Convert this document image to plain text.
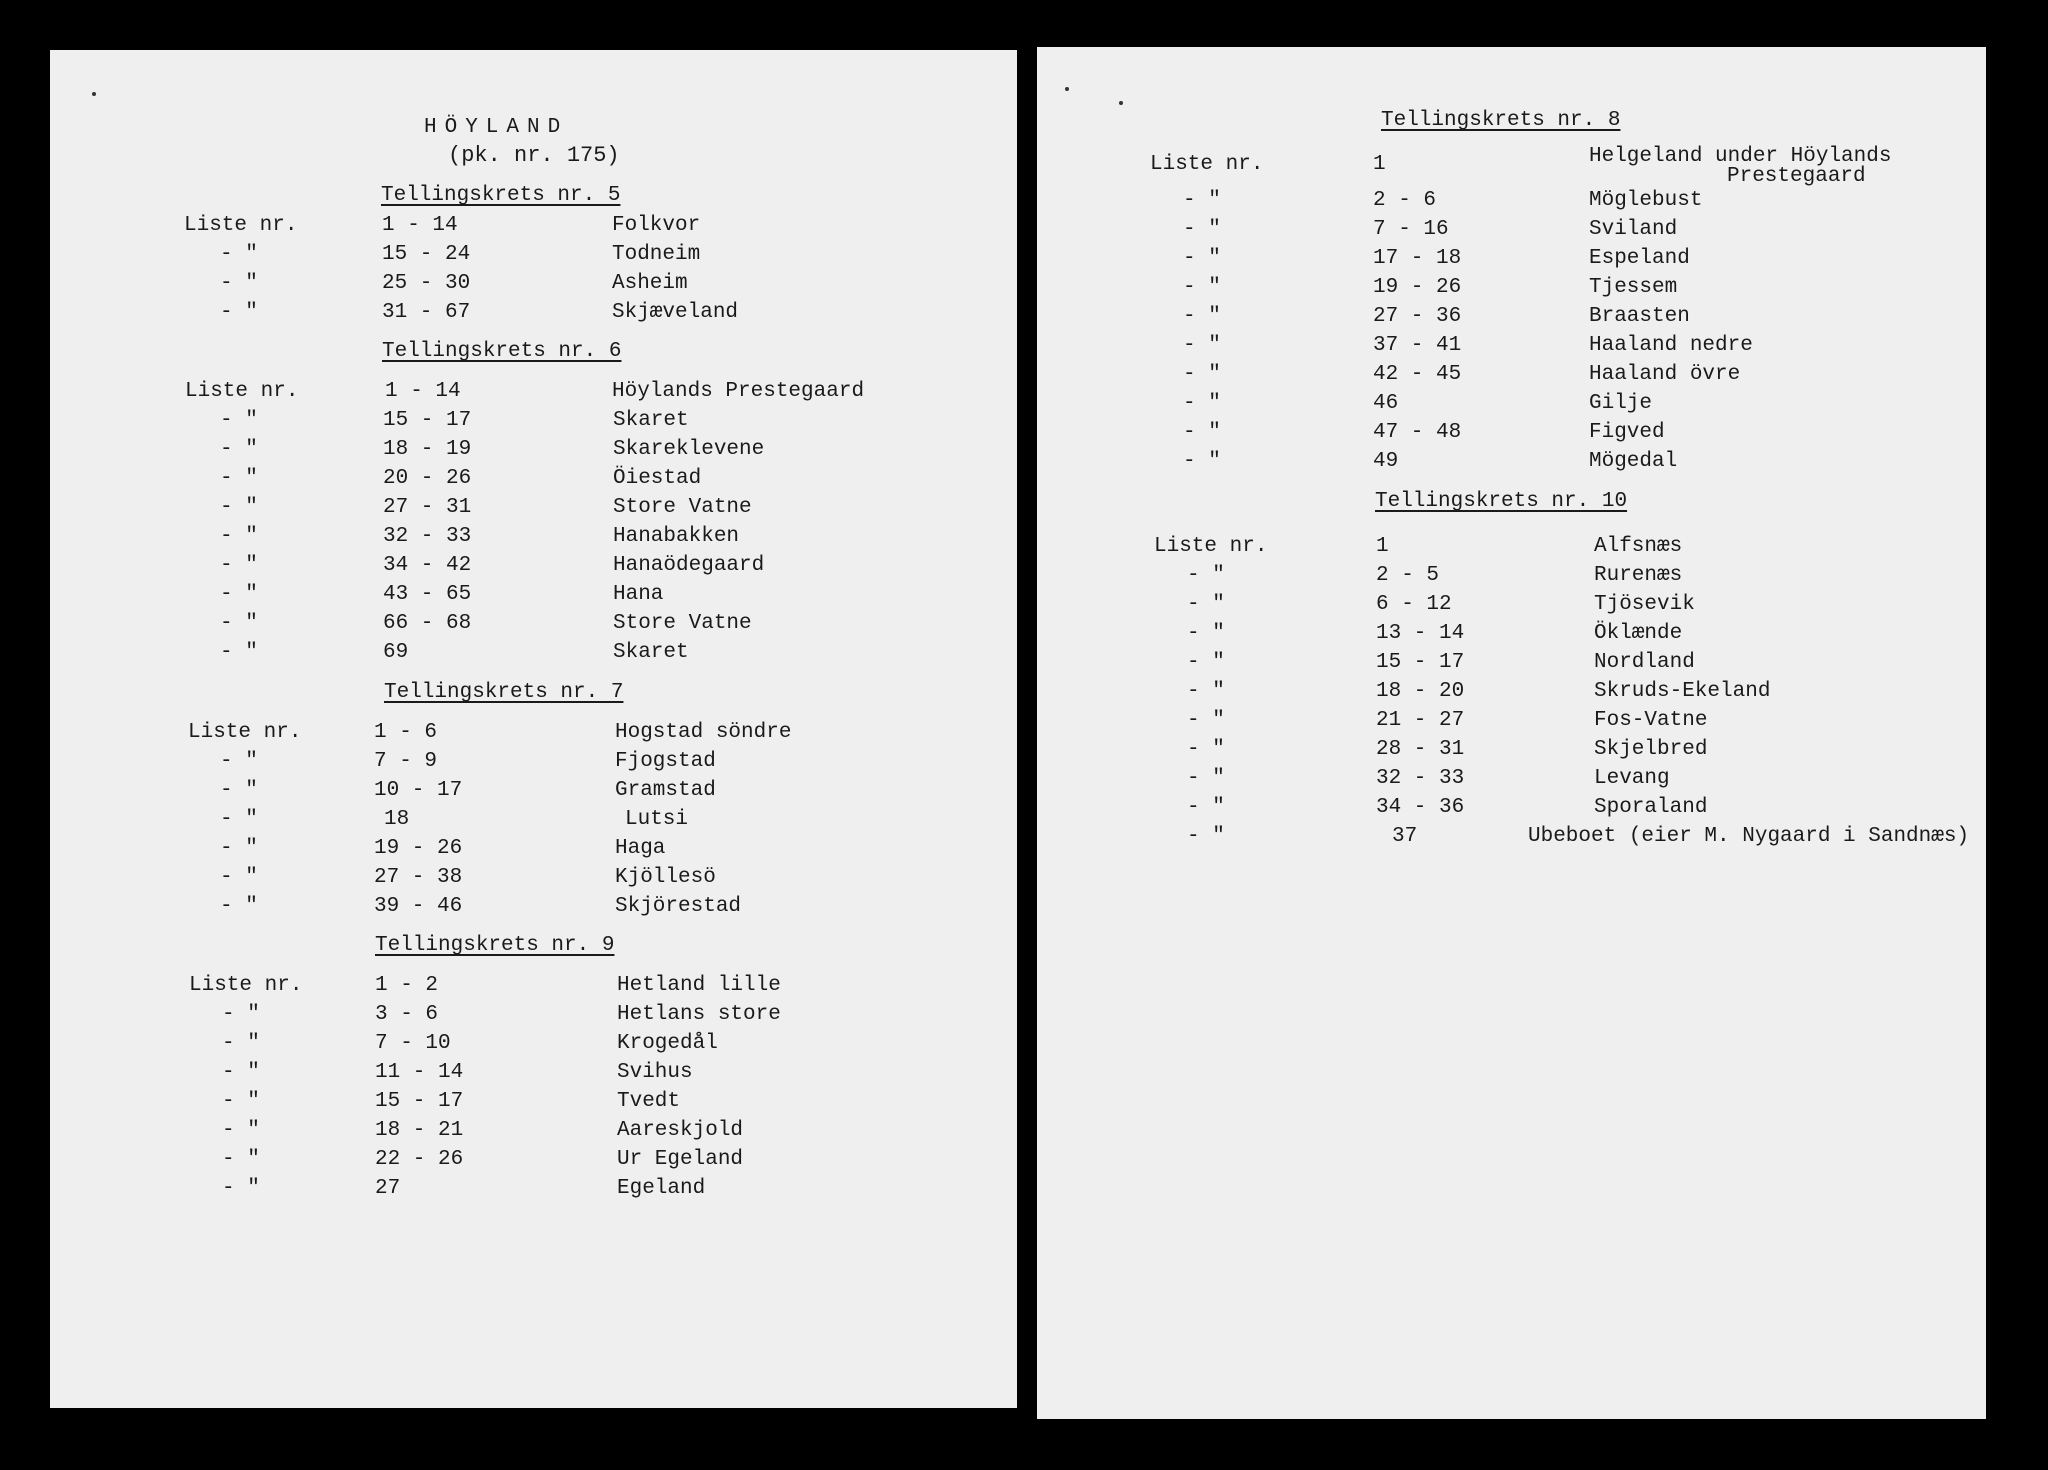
HÖYLAND
(pk. nr. 175)
Tellingskrets nr. 5
Liste nr.	1 - 14	Folkvor
- "	15 - 24	Todneim
- "	25 - 30	Asheim
- "	31 - 67	Skjæveland
Tellingskrets nr. 6
Liste nr.	1 - 14	Höylands Prestegaard
- "	15 - 17	Skaret
- "	18 - 19	Skareklevene
- "	20 - 26	Öiestad
- "	27 - 31	Store Vatne
- "	32 - 33	Hanabakken
- "	34 - 42	Hanaödegaard
- "	43 - 65	Hana
- "	66 - 68	Store Vatne
- "	69	Skaret
Tellingskrets nr. 7
Liste nr.	1 - 6	Hogstad söndre
- "	7 - 9	Fjogstad
- "	10 - 17	Gramstad
- "	18	Lutsi
- "	19 - 26	Haga
- "	27 - 38	Kjöllesö
- "	39 - 46	Skjörestad
Tellingskrets nr. 9
Liste nr.	1 - 2	Hetland lille
- "	3 - 6	Hetlans store
- "	7 - 10	Krogedål
- "	11 - 14	Svihus
- "	15 - 17	Tvedt
- "	18 - 21	Aareskjold
- "	22 - 26	Ur Egeland
- "	27	Egeland
Tellingskrets nr. 8
Liste nr.	1	Helgeland under Höylands
Prestegaard
- "	2 - 6	Möglebust
- "	7 - 16	Sviland
- "	17 - 18	Espeland
- "	19 - 26	Tjessem
- "	27 - 36	Braasten
- "	37 - 41	Haaland nedre
- "	42 - 45	Haaland övre
- "	46	Gilje
- "	47 - 48	Figved
- "	49	Mögedal
Tellingskrets nr. 10
Liste nr.	1	Alfsnæs
- "	2 - 5	Rurenæs
- "	6 - 12	Tjösevik
- "	13 - 14	Öklænde
- "	15 - 17	Nordland
- "	18 - 20	Skruds-Ekeland
- "	21 - 27	Fos-Vatne
- "	28 - 31	Skjelbred
- "	32 - 33	Levang
- "	34 - 36	Sporaland
- "	37	Ubeboet (eier M. Nygaard i Sandnæs)
